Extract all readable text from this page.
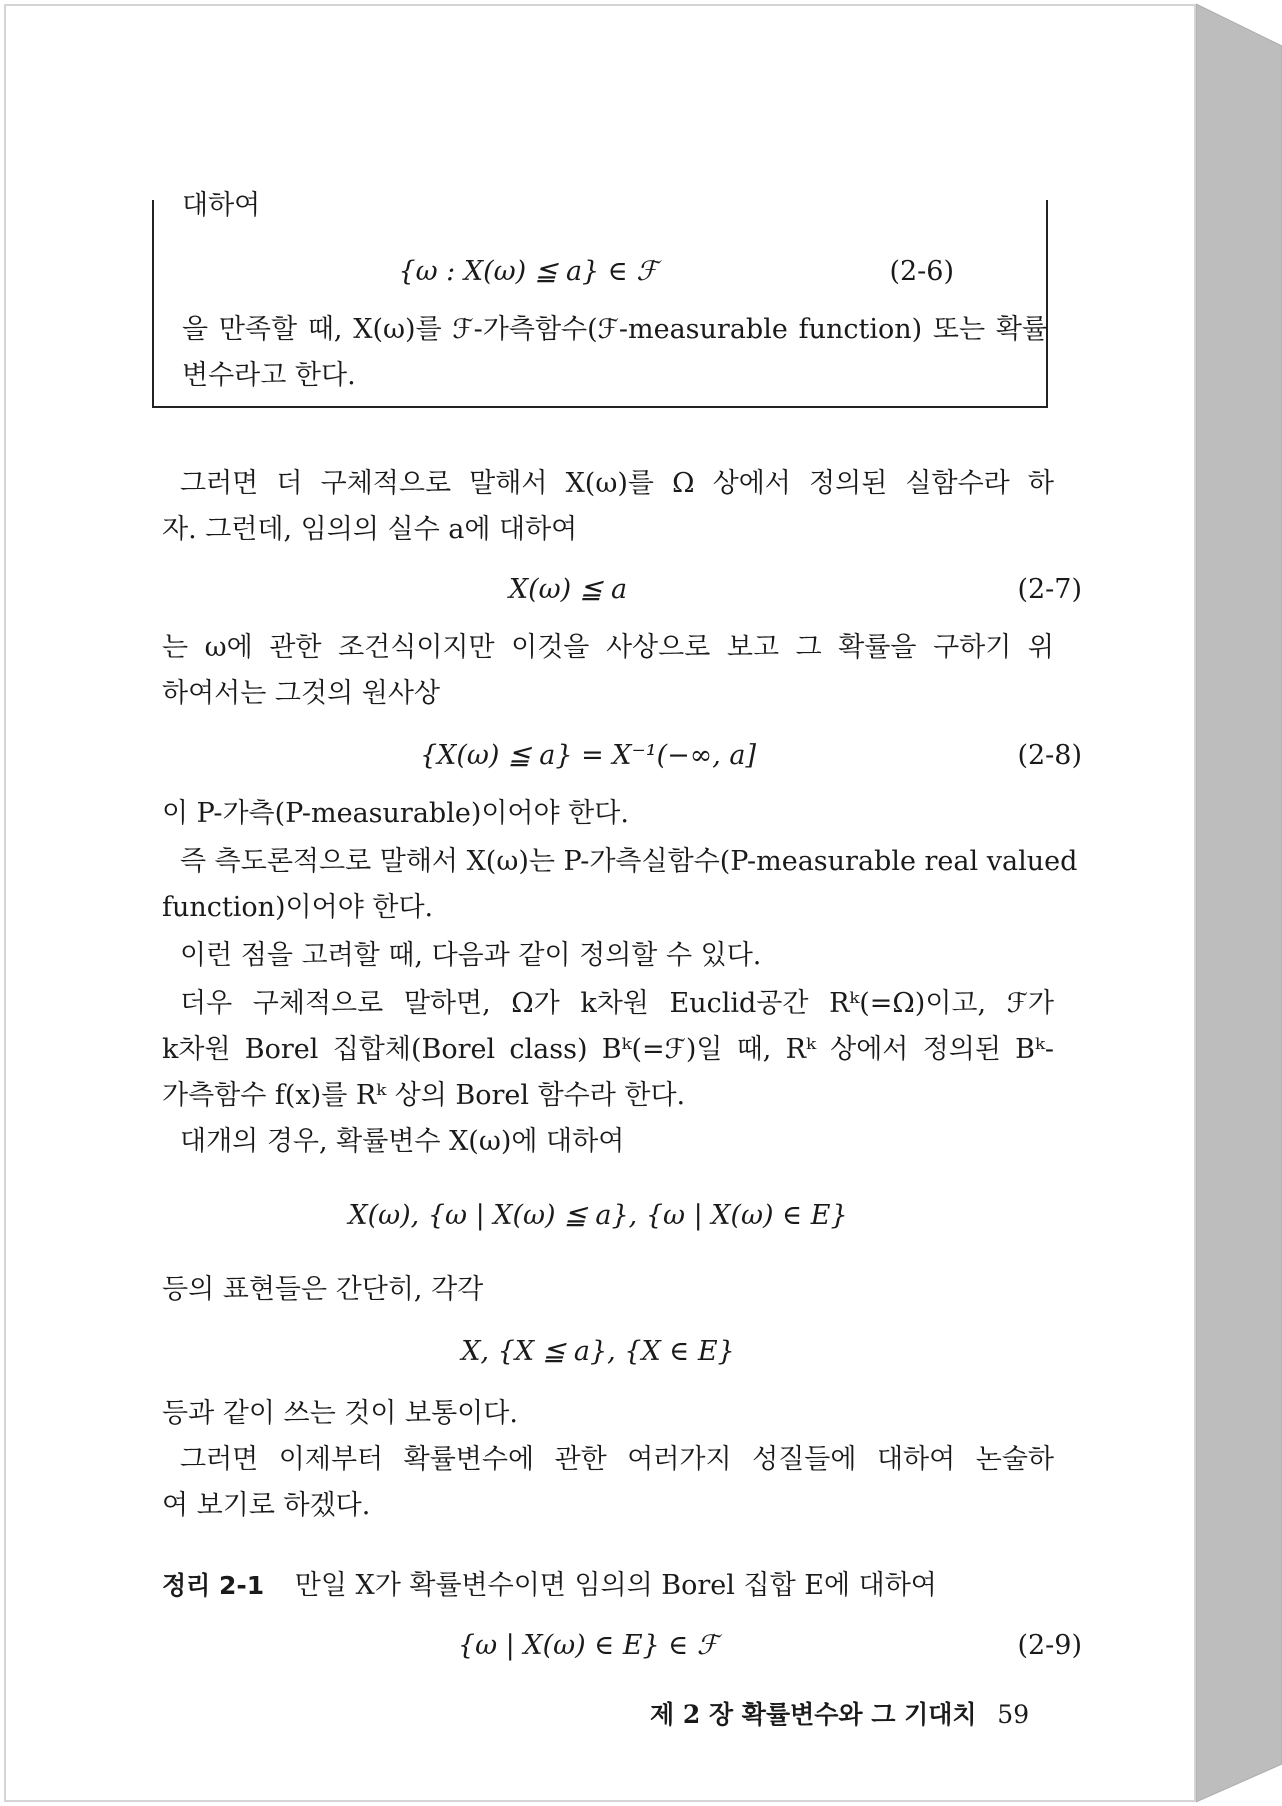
대하여
{ω : X(ω) ≦ a} ∈ ℱ	(2-6)
을 만족할 때, X(ω)를 ℱ-가측함수(ℱ-measurable function) 또는 확률
변수라고 한다.
그러면 더 구체적으로 말해서 X(ω)를 Ω 상에서 정의된 실함수라 하
자. 그런데, 임의의 실수 a에 대하여
X(ω) ≦ a	(2-7)
는 ω에 관한 조건식이지만 이것을 사상으로 보고 그 확률을 구하기 위
하여서는 그것의 원사상
{X(ω) ≦ a} = X⁻¹(−∞, a]	(2-8)
이 P-가측(P-measurable)이어야 한다.
즉 측도론적으로 말해서 X(ω)는 P-가측실함수(P-measurable real valued
function)이어야 한다.
이런 점을 고려할 때, 다음과 같이 정의할 수 있다.
더우 구체적으로 말하면, Ω가 k차원 Euclid공간 Rᵏ(=Ω)이고, ℱ가
k차원 Borel 집합체(Borel class) Bᵏ(=ℱ)일 때, Rᵏ 상에서 정의된 Bᵏ-
가측함수 f(x)를 Rᵏ 상의 Borel 함수라 한다.
대개의 경우, 확률변수 X(ω)에 대하여
X(ω), {ω | X(ω) ≦ a}, {ω | X(ω) ∈ E}
등의 표현들은 간단히, 각각
X, {X ≦ a}, {X ∈ E}
등과 같이 쓰는 것이 보통이다.
그러면 이제부터 확률변수에 관한 여러가지 성질들에 대하여 논술하
여 보기로 하겠다.
정리 2-1 만일 X가 확률변수이면 임의의 Borel 집합 E에 대하여
{ω | X(ω) ∈ E} ∈ ℱ	(2-9)
제 2 장 확률변수와 그 기대치 59
